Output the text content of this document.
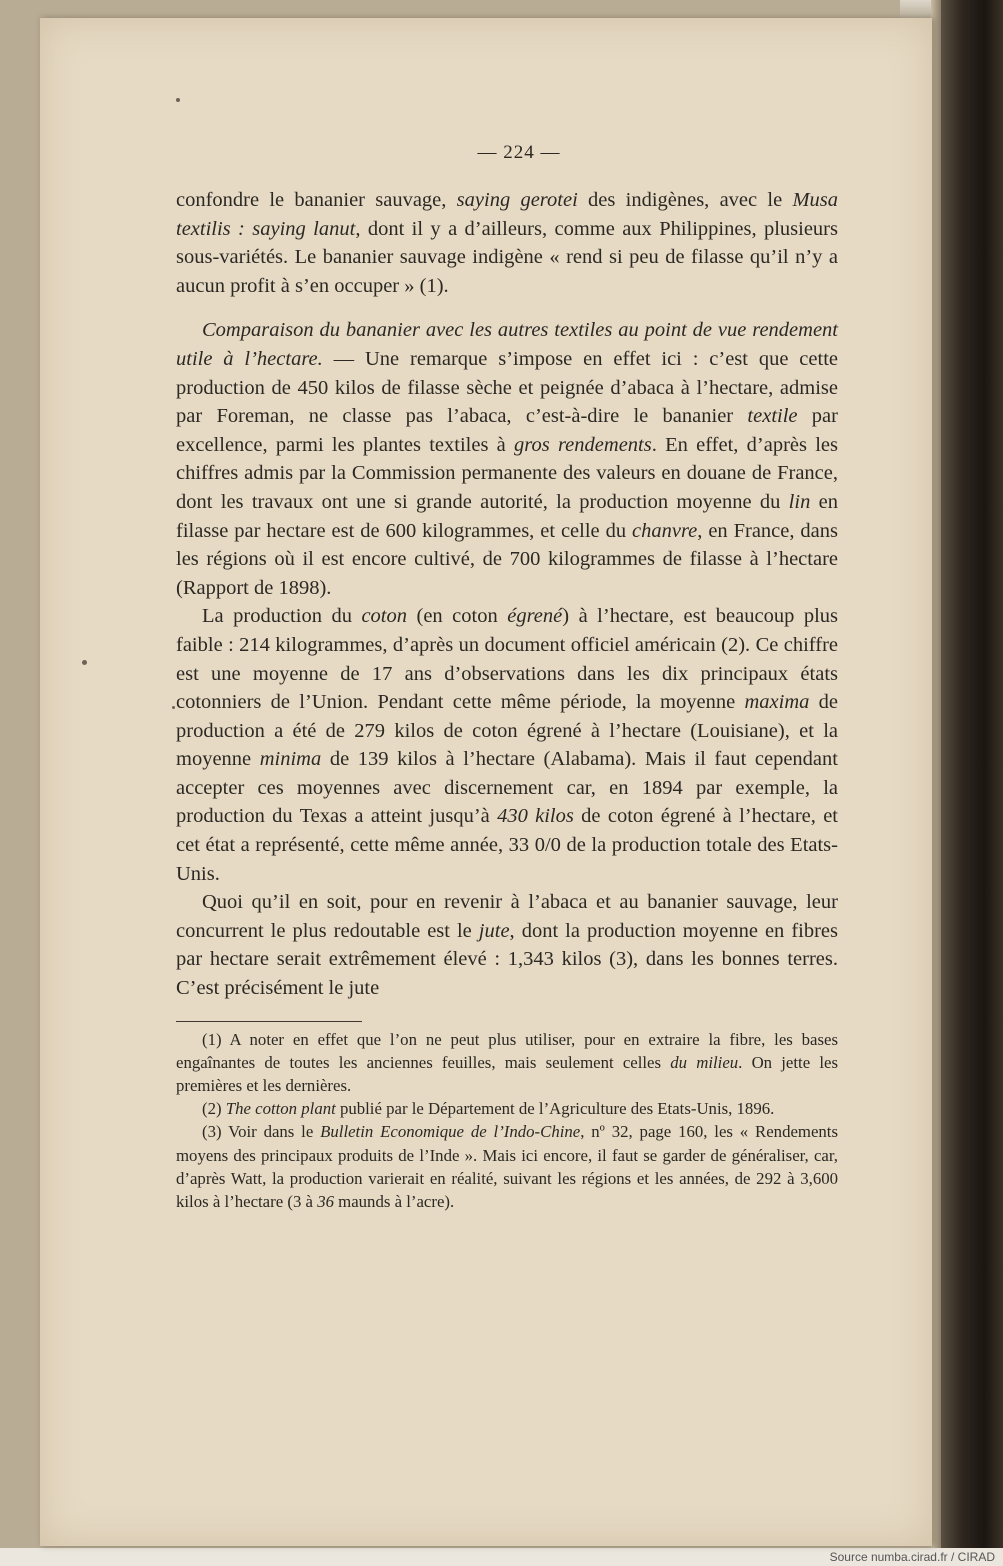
— 224 —

confondre le bananier sauvage, saying gerotei des indigènes, avec le Musa textilis : saying lanut, dont il y a d’ailleurs, comme aux Philippines, plusieurs sous-variétés. Le bananier sauvage indigène « rend si peu de filasse qu’il n’y a aucun profit à s’en occuper » (1).

Comparaison du bananier avec les autres textiles au point de vue rendement utile à l’hectare. — Une remarque s’impose en effet ici : c’est que cette production de 450 kilos de filasse sèche et peignée d’abaca à l’hectare, admise par Foreman, ne classe pas l’abaca, c’est-à-dire le bananier textile par excellence, parmi les plantes textiles à gros rendements. En effet, d’après les chiffres admis par la Commission permanente des valeurs en douane de France, dont les travaux ont une si grande autorité, la production moyenne du lin en filasse par hectare est de 600 kilogrammes, et celle du chanvre, en France, dans les régions où il est encore cultivé, de 700 kilogrammes de filasse à l’hectare (Rapport de 1898).

La production du coton (en coton égrené) à l’hectare, est beaucoup plus faible : 214 kilogrammes, d’après un document officiel américain (2). Ce chiffre est une moyenne de 17 ans d’observations dans les dix principaux états cotonniers de l’Union. Pendant cette même période, la moyenne maxima de production a été de 279 kilos de coton égrené à l’hectare (Louisiane), et la moyenne minima de 139 kilos à l’hectare (Alabama). Mais il faut cependant accepter ces moyennes avec discernement car, en 1894 par exemple, la production du Texas a atteint jusqu’à 430 kilos de coton égrené à l’hectare, et cet état a représenté, cette même année, 33 0/0 de la production totale des Etats-Unis.

Quoi qu’il en soit, pour en revenir à l’abaca et au bananier sauvage, leur concurrent le plus redoutable est le jute, dont la production moyenne en fibres par hectare serait extrêmement élevé : 1,343 kilos (3), dans les bonnes terres. C’est précisément le jute

(1) A noter en effet que l’on ne peut plus utiliser, pour en extraire la fibre, les bases engaînantes de toutes les anciennes feuilles, mais seulement celles du milieu. On jette les premières et les dernières.

(2) The cotton plant publié par le Département de l’Agriculture des Etats-Unis, 1896.

(3) Voir dans le Bulletin Economique de l’Indo-Chine, nº 32, page 160, les « Rendements moyens des principaux produits de l’Inde ». Mais ici encore, il faut se garder de généraliser, car, d’après Watt, la production varierait en réalité, suivant les régions et les années, de 292 à 3,600 kilos à l’hectare (3 à 36 maunds à l’acre).

Source numba.cirad.fr / CIRAD
